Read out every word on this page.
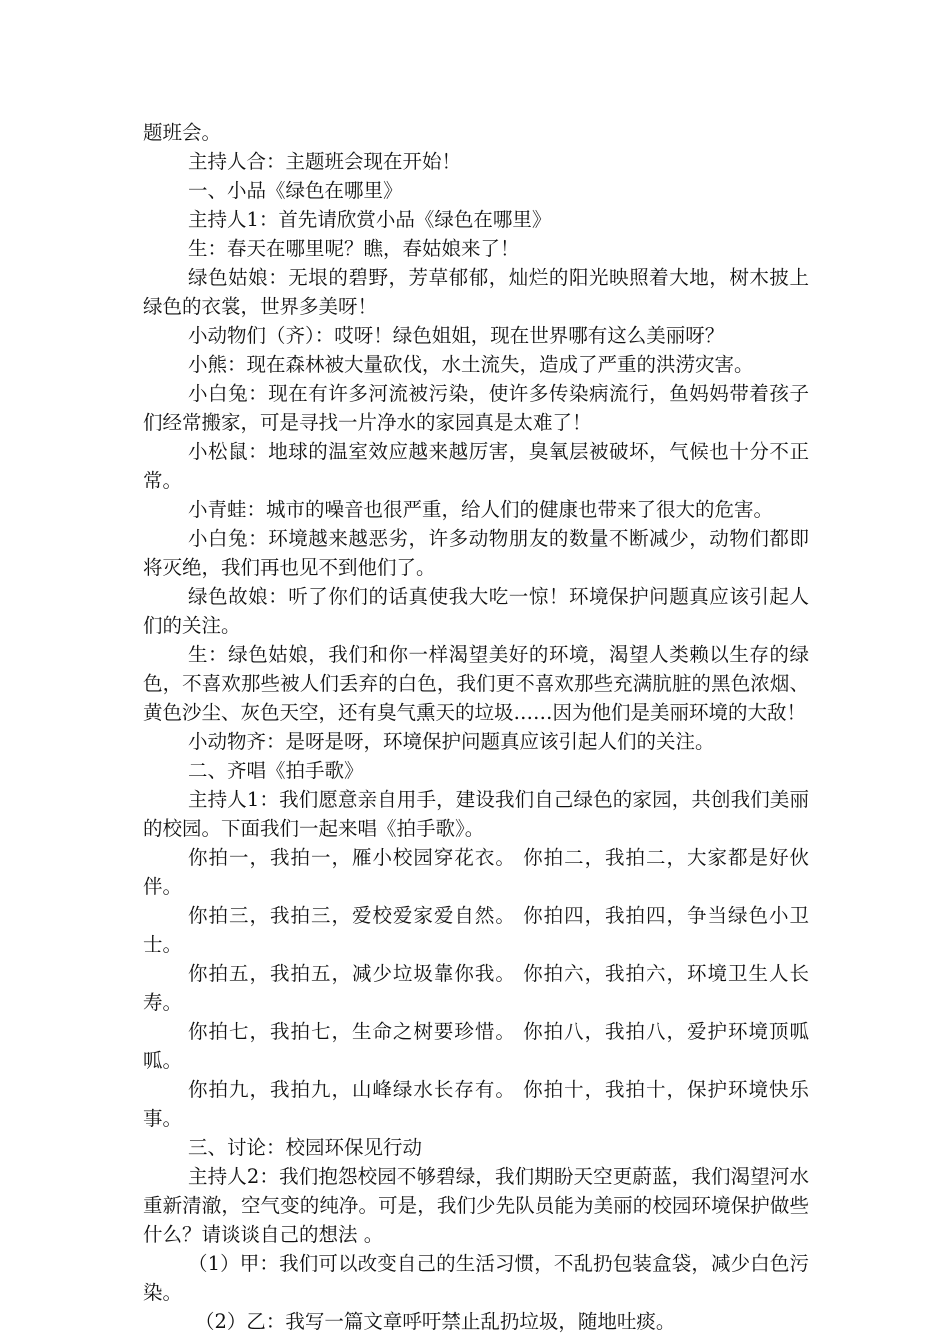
题班会。

主持人合：主题班会现在开始！

一、小品《绿色在哪里》

主持人1：首先请欣赏小品《绿色在哪里》

生：春天在哪里呢？瞧，春姑娘来了！

绿色姑娘：无垠的碧野，芳草郁郁，灿烂的阳光映照着大地，树木披上绿色的衣裳，世界多美呀！

小动物们（齐）：哎呀！绿色姐姐，现在世界哪有这么美丽呀？

小熊：现在森林被大量砍伐，水土流失，造成了严重的洪涝灾害。

小白兔：现在有许多河流被污染，使许多传染病流行，鱼妈妈带着孩子们经常搬家，可是寻找一片净水的家园真是太难了！

小松鼠：地球的温室效应越来越厉害，臭氧层被破坏，气候也十分不正常。

小青蛙：城市的噪音也很严重，给人们的健康也带来了很大的危害。

小白兔：环境越来越恶劣，许多动物朋友的数量不断减少，动物们都即将灭绝，我们再也见不到他们了。

绿色故娘：听了你们的话真使我大吃一惊！环境保护问题真应该引起人们的关注。

生：绿色姑娘，我们和你一样渴望美好的环境，渴望人类赖以生存的绿色，不喜欢那些被人们丢弃的白色，我们更不喜欢那些充满肮脏的黑色浓烟、黄色沙尘、灰色天空，还有臭气熏天的垃圾……因为他们是美丽环境的大敌！

小动物齐：是呀是呀，环境保护问题真应该引起人们的关注。

二、齐唱《拍手歌》

主持人1：我们愿意亲自用手，建设我们自己绿色的家园，共创我们美丽的校园。下面我们一起来唱《拍手歌》。

你拍一，我拍一，雁小校园穿花衣。 你拍二，我拍二，大家都是好伙伴。

你拍三，我拍三，爱校爱家爱自然。 你拍四，我拍四，争当绿色小卫士。

你拍五，我拍五，减少垃圾靠你我。 你拍六，我拍六，环境卫生人长寿。

你拍七，我拍七，生命之树要珍惜。 你拍八，我拍八，爱护环境顶呱呱。

你拍九，我拍九，山峰绿水长存有。 你拍十，我拍十，保护环境快乐事。

三、讨论：校园环保见行动

主持人2：我们抱怨校园不够碧绿，我们期盼天空更蔚蓝，我们渴望河水重新清澈，空气变的纯净。可是，我们少先队员能为美丽的校园环境保护做些什么？请谈谈自己的想法 。

（1）甲：我们可以改变自己的生活习惯，不乱扔包装盒袋，减少白色污染。

（2）乙：我写一篇文章呼吁禁止乱扔垃圾，随地吐痰。
